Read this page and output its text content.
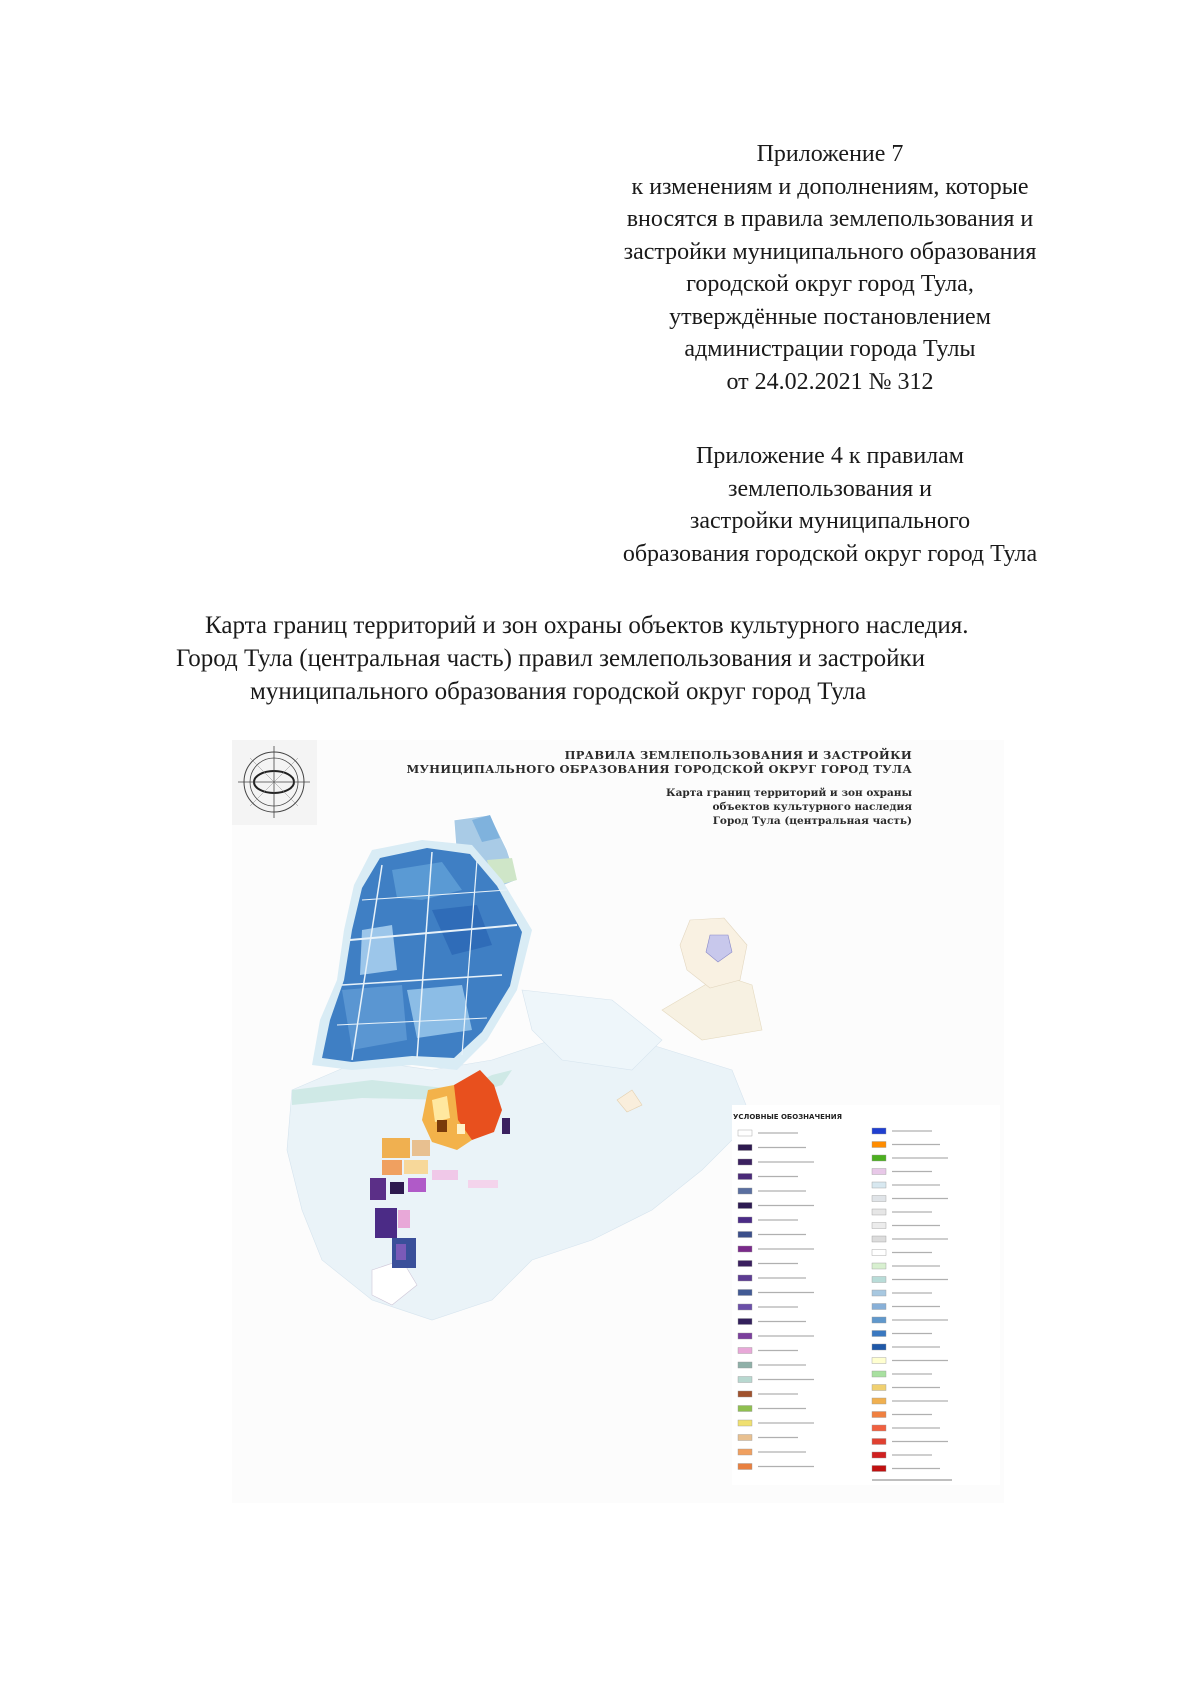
Приложение 7
к изменениям и дополнениям, которые
вносятся в правила землепользования и
застройки муниципального образования
городской округ город Тула,
утверждённые постановлением
администрации города Тулы
от 24.02.2021 № 312
Приложение 4 к правилам
землепользования и
застройки муниципального
образования городской округ город Тула
Карта границ территорий и зон охраны объектов культурного наследия.
Город Тула (центральная часть) правил землепользования и застройки
муниципального образования городской округ город Тула
ПРАВИЛА ЗЕМЛЕПОЛЬЗОВАНИЯ И ЗАСТРОЙКИ
МУНИЦИПАЛЬНОГО ОБРАЗОВАНИЯ ГОРОДСКОЙ ОКРУГ ГОРОД ТУЛА
Карта границ территорий и зон охраны
объектов культурного наследия
Город Тула (центральная часть)
УСЛОВНЫЕ ОБОЗНАЧЕНИЯ
